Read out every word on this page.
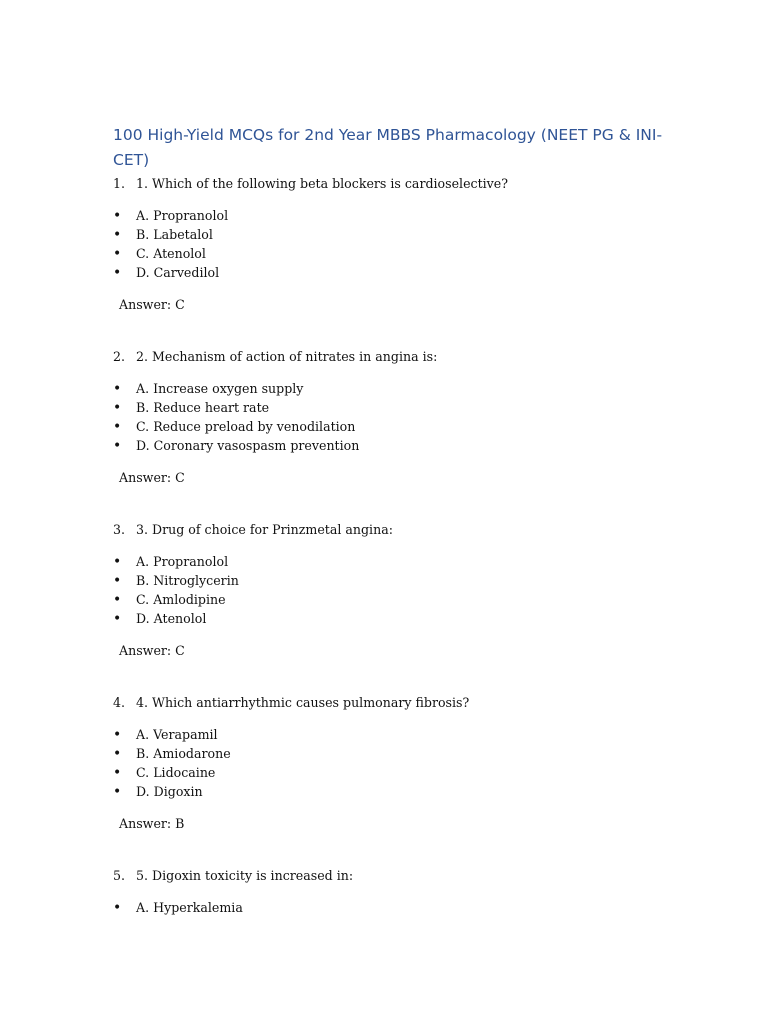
100 High-Yield MCQs for 2nd Year MBBS Pharmacology (NEET PG & INI-CET)
1. 1. Which of the following beta blockers is cardioselective?
• A. Propranolol
• B. Labetalol
• C. Atenolol
• D. Carvedilol
Answer: C
2. 2. Mechanism of action of nitrates in angina is:
• A. Increase oxygen supply
• B. Reduce heart rate
• C. Reduce preload by venodilation
• D. Coronary vasospasm prevention
Answer: C
3. 3. Drug of choice for Prinzmetal angina:
• A. Propranolol
• B. Nitroglycerin
• C. Amlodipine
• D. Atenolol
Answer: C
4. 4. Which antiarrhythmic causes pulmonary fibrosis?
• A. Verapamil
• B. Amiodarone
• C. Lidocaine
• D. Digoxin
Answer: B
5. 5. Digoxin toxicity is increased in:
• A. Hyperkalemia
